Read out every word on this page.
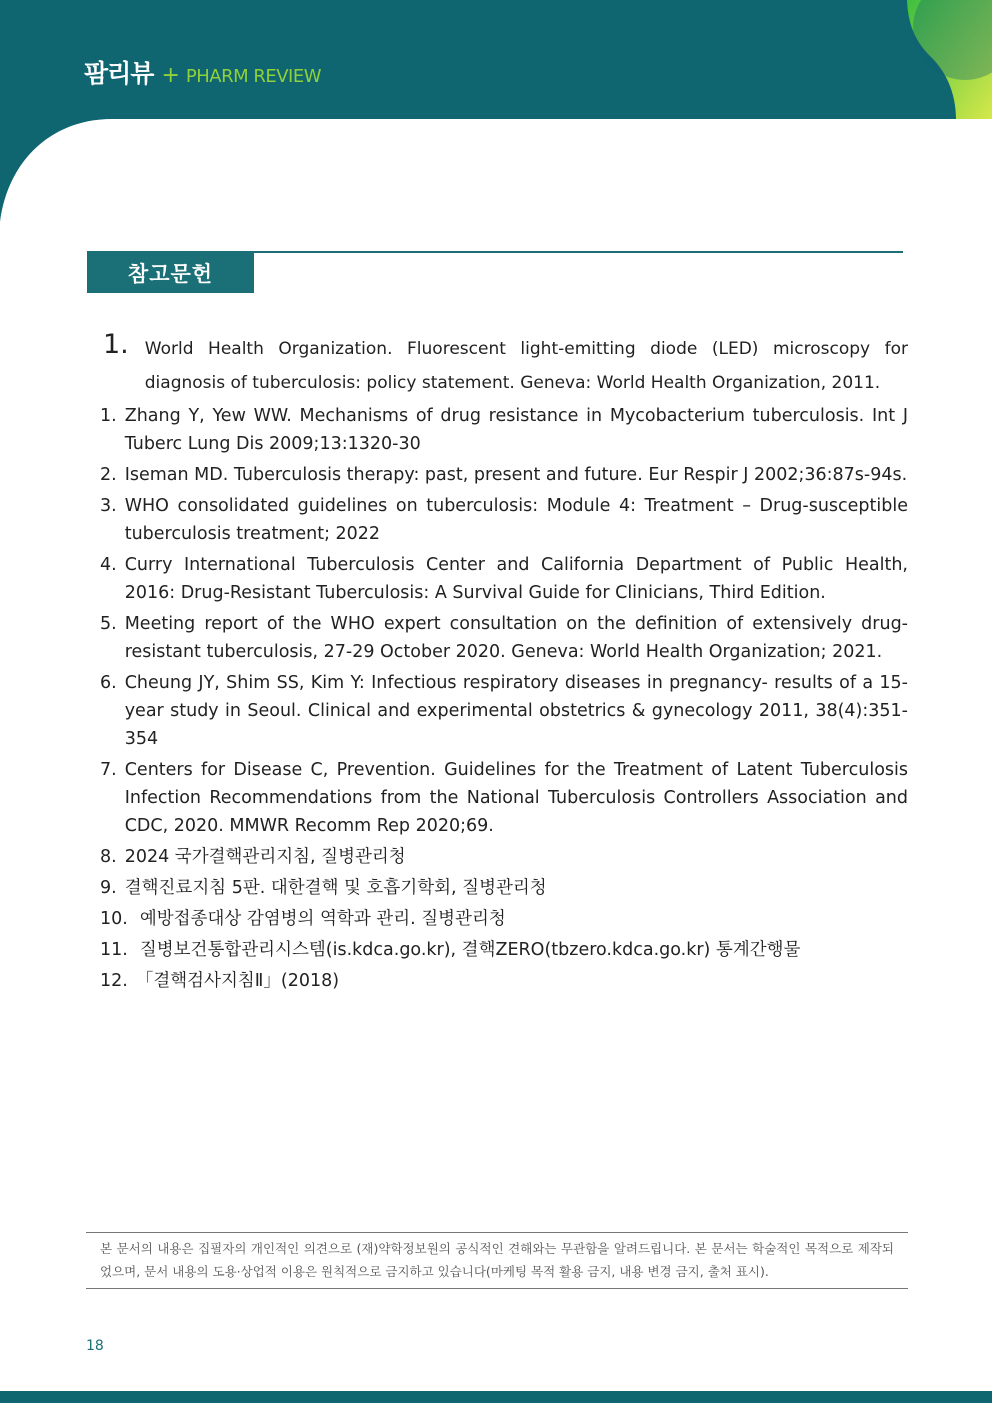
팜리뷰 + PHARM REVIEW
참고문헌
1. World Health Organization. Fluorescent light-emitting diode (LED) microscopy for diagnosis of tuberculosis: policy statement. Geneva: World Health Organization, 2011.
1. Zhang Y, Yew WW. Mechanisms of drug resistance in Mycobacterium tuberculosis. Int J Tuberc Lung Dis 2009;13:1320-30
2. Iseman MD. Tuberculosis therapy: past, present and future. Eur Respir J 2002;36:87s-94s.
3. WHO consolidated guidelines on tuberculosis: Module 4: Treatment – Drug-susceptible tuberculosis treatment; 2022
4. Curry International Tuberculosis Center and California Department of Public Health, 2016: Drug-Resistant Tuberculosis: A Survival Guide for Clinicians, Third Edition.
5. Meeting report of the WHO expert consultation on the definition of extensively drug-resistant tuberculosis, 27-29 October 2020. Geneva: World Health Organization; 2021.
6. Cheung JY, Shim SS, Kim Y: Infectious respiratory diseases in pregnancy- results of a 15-year study in Seoul. Clinical and experimental obstetrics & gynecology 2011, 38(4):351-354
7. Centers for Disease C, Prevention. Guidelines for the Treatment of Latent Tuberculosis Infection Recommendations from the National Tuberculosis Controllers Association and CDC, 2020. MMWR Recomm Rep 2020;69.
8. 2024 국가결핵관리지침, 질병관리청
9. 결핵진료지침 5판. 대한결핵 및 호흡기학회, 질병관리청
10. 예방접종대상 감염병의 역학과 관리. 질병관리청
11. 질병보건통합관리시스템(is.kdca.go.kr), 결핵ZERO(tbzero.kdca.go.kr) 통계간행물
12. 「결핵검사지침Ⅱ」(2018)
본 문서의 내용은 집필자의 개인적인 의견으로 (재)약학정보원의 공식적인 견해와는 무관함을 알려드립니다. 본 문서는 학술적인 목적으로 제작되었으며, 문서 내용의 도용·상업적 이용은 원칙적으로 금지하고 있습니다(마케팅 목적 활용 금지, 내용 변경 금지, 출처 표시).
18
